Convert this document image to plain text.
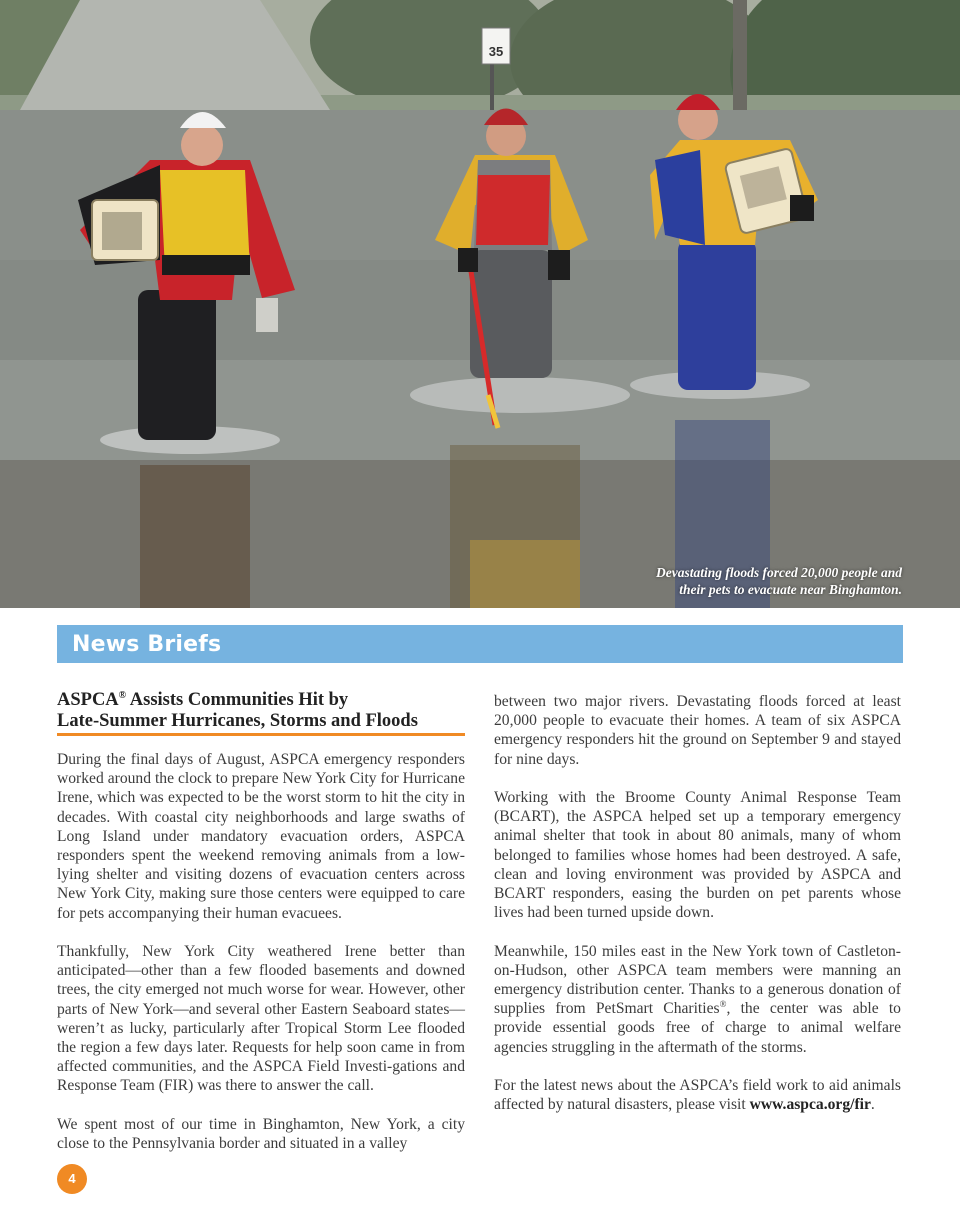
35
Devastating floods forced 20,000 people and
their pets to evacuate near Binghamton.
News Briefs
ASPCA® Assists Communities Hit by
Late-Summer Hurricanes, Storms and Floods

During the final days of August, ASPCA emergency responders worked around the clock to prepare New York City for Hurricane Irene, which was expected to be the worst storm to hit the city in decades. With coastal city neighborhoods and large swaths of Long Island under mandatory evacuation orders, ASPCA responders spent the weekend removing animals from a low-lying shelter and visiting dozens of evacuation centers across New York City, making sure those centers were equipped to care for pets accompanying their human evacuees.

Thankfully, New York City weathered Irene better than anticipated—other than a few flooded basements and downed trees, the city emerged not much worse for wear. However, other parts of New York—and several other Eastern Seaboard states—weren’t as lucky, particularly after Tropical Storm Lee flooded the region a few days later. Requests for help soon came in from affected communities, and the ASPCA Field Investi-gations and Response Team (FIR) was there to answer the call.

We spent most of our time in Binghamton, New York, a city close to the Pennsylvania border and situated in a valley

between two major rivers. Devastating floods forced at least 20,000 people to evacuate their homes. A team of six ASPCA emergency responders hit the ground on September 9 and stayed for nine days.

Working with the Broome County Animal Response Team (BCART), the ASPCA helped set up a temporary emergency animal shelter that took in about 80 animals, many of whom belonged to families whose homes had been destroyed. A safe, clean and loving environment was provided by ASPCA and BCART responders, easing the burden on pet parents whose lives had been turned upside down.

Meanwhile, 150 miles east in the New York town of Castleton-on-Hudson, other ASPCA team members were manning an emergency distribution center. Thanks to a generous donation of supplies from PetSmart Charities®, the center was able to provide essential goods free of charge to animal welfare agencies struggling in the aftermath of the storms.

For the latest news about the ASPCA’s field work to aid animals affected by natural disasters, please visit www.aspca.org/fir.

4
